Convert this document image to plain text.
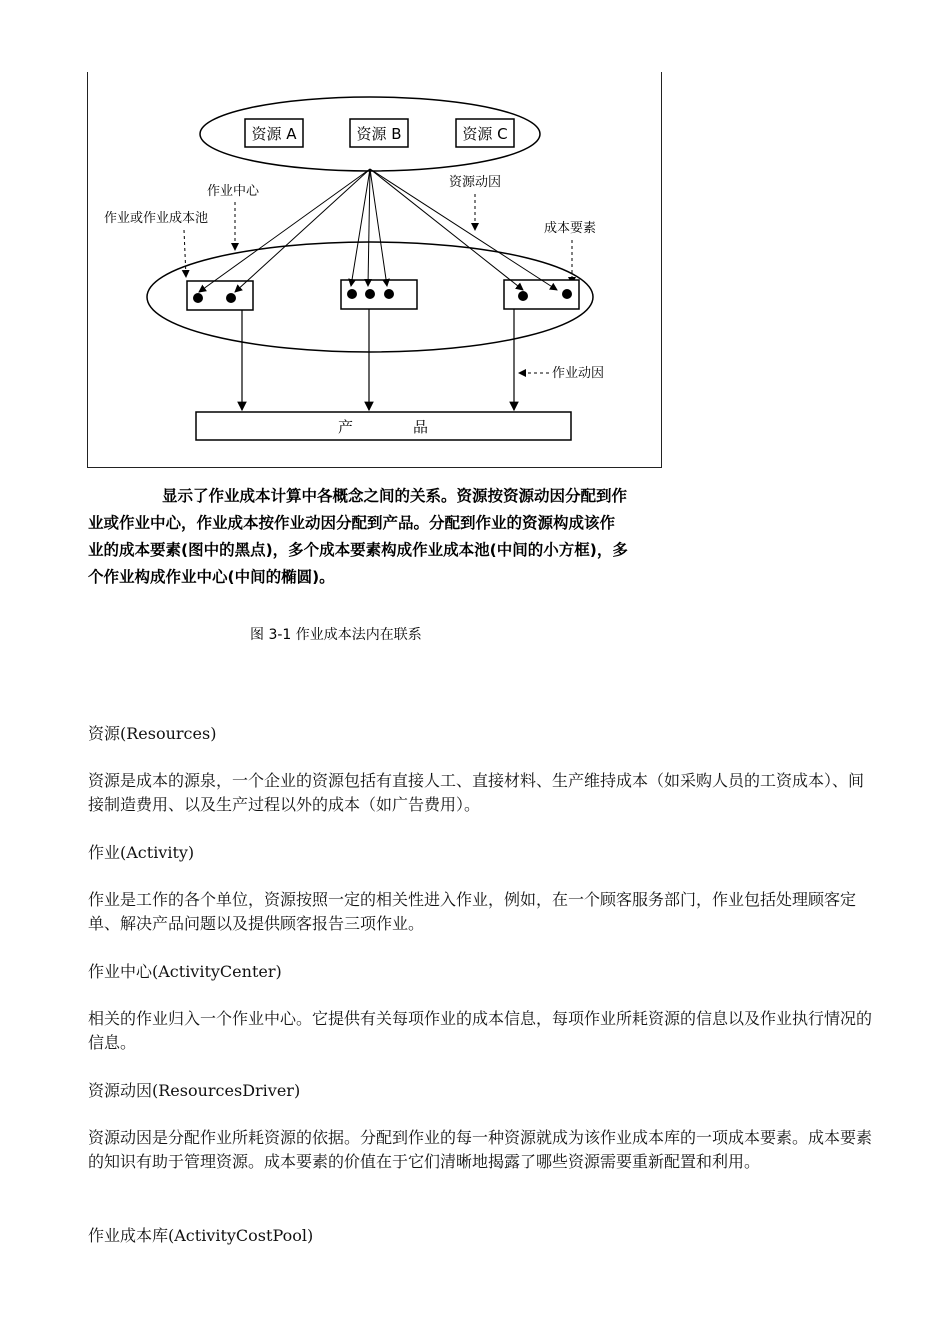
资源 A	资源 B	资源 C
作业中心
资源动因
作业或作业成本池
成本要素
作业动因
产　　　　品
显示了作业成本计算中各概念之间的关系。资源按资源动因分配到作
业或作业中心，作业成本按作业动因分配到产品。分配到作业的资源构成该作
业的成本要素(图中的黑点)，多个成本要素构成作业成本池(中间的小方框)，多
个作业构成作业中心(中间的椭圆)。
图 3-1 作业成本法内在联系

资源(Resources)

资源是成本的源泉，一个企业的资源包括有直接人工、直接材料、生产维持成本（如采购人员的工资成本）、间接制造费用、以及生产过程以外的成本（如广告费用）。

作业(Activity)

作业是工作的各个单位，资源按照一定的相关性进入作业，例如，在一个顾客服务部门，作业包括处理顾客定单、解决产品问题以及提供顾客报告三项作业。

作业中心(ActivityCenter)

相关的作业归入一个作业中心。它提供有关每项作业的成本信息，每项作业所耗资源的信息以及作业执行情况的信息。

资源动因(ResourcesDriver)

资源动因是分配作业所耗资源的依据。分配到作业的每一种资源就成为该作业成本库的一项成本要素。成本要素的知识有助于管理资源。成本要素的价值在于它们清晰地揭露了哪些资源需要重新配置和利用。

作业成本库(ActivityCostPool)
